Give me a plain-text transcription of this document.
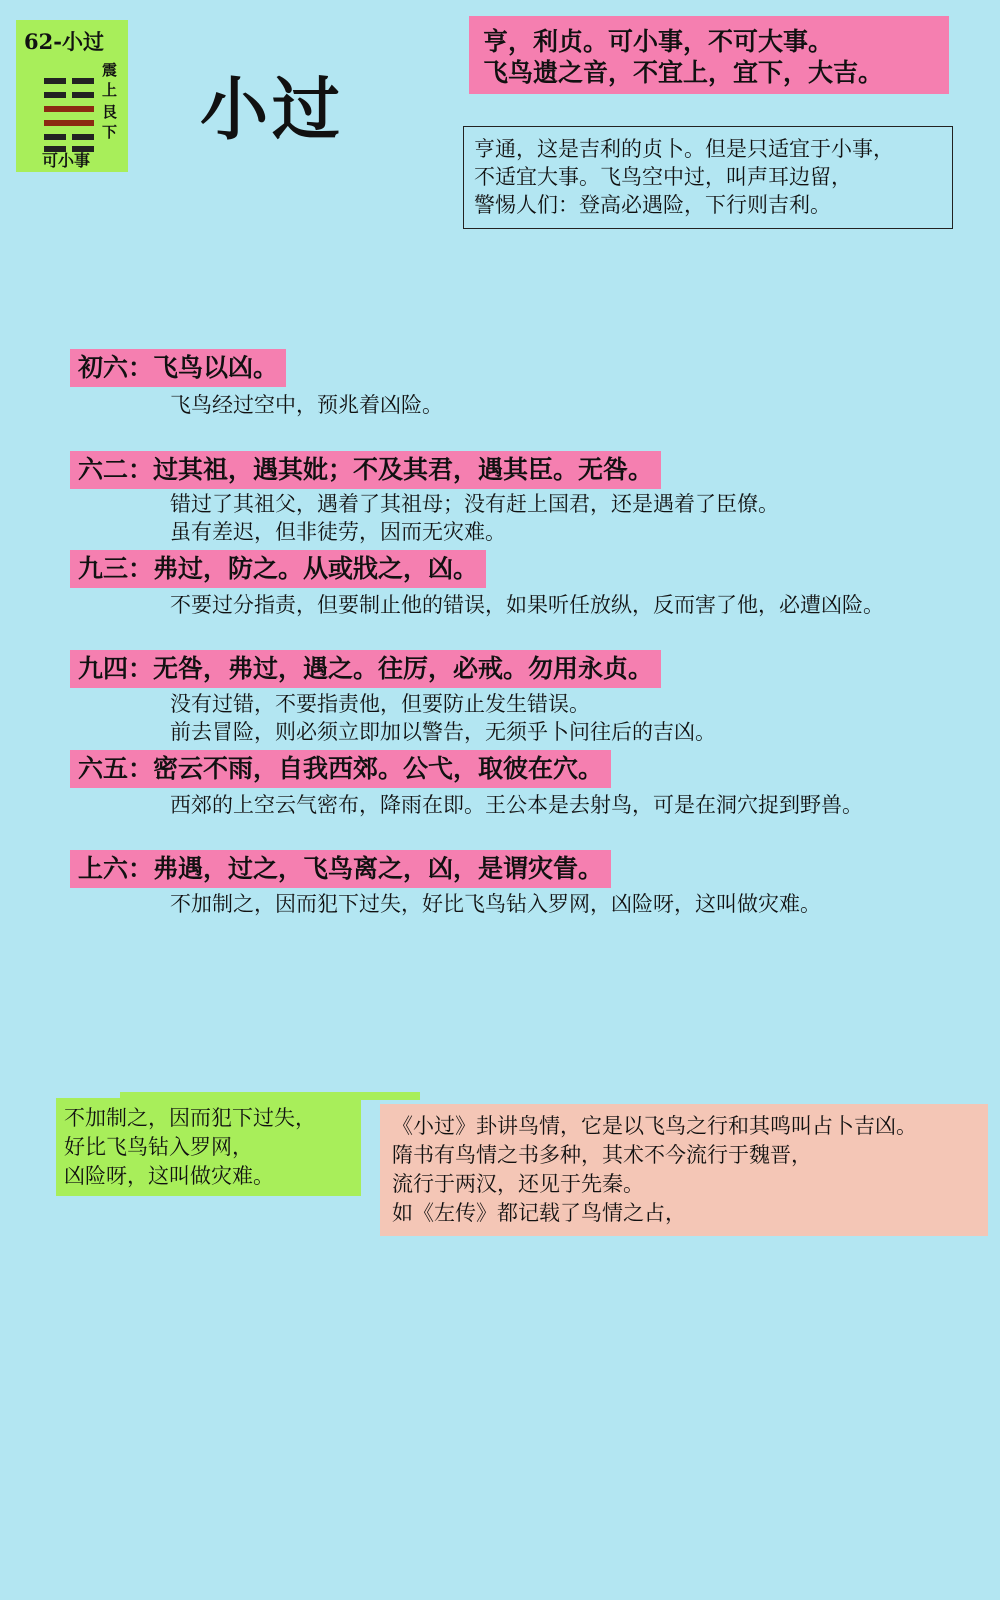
62-小过
震上
艮下
可小事
小过
亨，利贞。可小事，不可大事。
飞鸟遗之音，不宜上，宜下，大吉。
亨通，这是吉利的贞卜。但是只适宜于小事，
不适宜大事。飞鸟空中过，叫声耳边留，
警惕人们：登高必遇险，下行则吉利。
初六：飞鸟以凶。
飞鸟经过空中，预兆着凶险。
六二：过其祖，遇其妣；不及其君，遇其臣。无咎。
错过了其祖父，遇着了其祖母；没有赶上国君，还是遇着了臣僚。
虽有差迟，但非徒劳，因而无灾难。
九三：弗过，防之。从或戕之，凶。
不要过分指责，但要制止他的错误，如果听任放纵，反而害了他，必遭凶险。
九四：无咎，弗过，遇之。往厉，必戒。勿用永贞。
没有过错，不要指责他，但要防止发生错误。
前去冒险，则必须立即加以警告，无须乎卜问往后的吉凶。
六五：密云不雨，自我西郊。公弋，取彼在穴。
西郊的上空云气密布，降雨在即。王公本是去射鸟，可是在洞穴捉到野兽。
上六：弗遇，过之，飞鸟离之，凶，是谓灾眚。
不加制之，因而犯下过失，好比飞鸟钻入罗网，凶险呀，这叫做灾难。
不加制之，因而犯下过失，
好比飞鸟钻入罗网，
凶险呀，这叫做灾难。
《小过》卦讲鸟情，它是以飞鸟之行和其鸣叫占卜吉凶。
隋书有鸟情之书多种，其术不今流行于魏晋，
流行于两汉，还见于先秦。
如《左传》都记载了鸟情之占，
